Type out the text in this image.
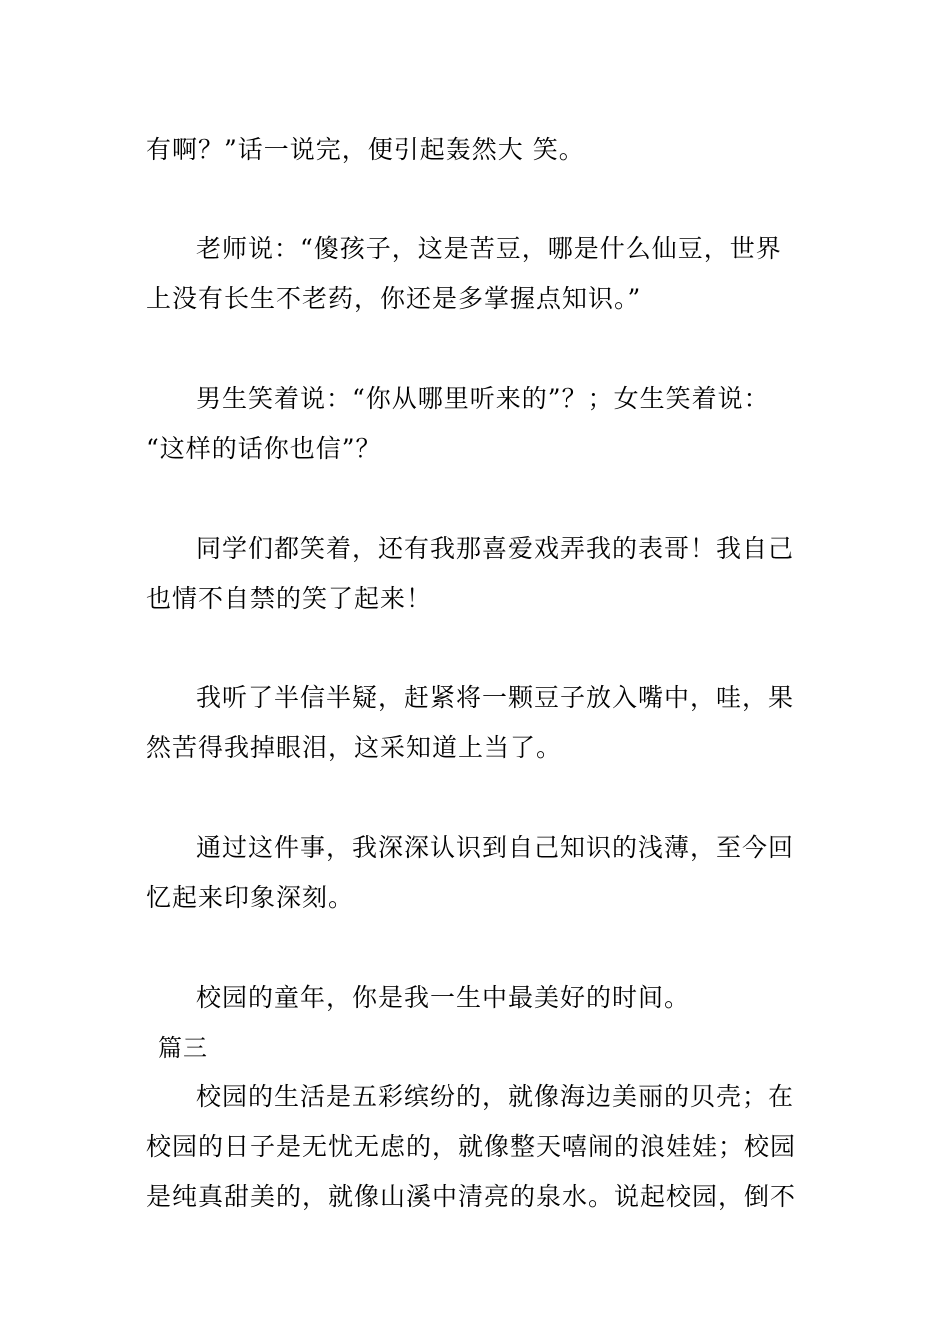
有啊？”话一说完，便引起轰然大 笑。
老师说：“傻孩子，这是苦豆，哪是什么仙豆，世界
上没有长生不老药，你还是多掌握点知识。”
男生笑着说：“你从哪里听来的”？；女生笑着说：
“这样的话你也信”？
同学们都笑着，还有我那喜爱戏弄我的表哥！我自己
也情不自禁的笑了起来！
我听了半信半疑，赶紧将一颗豆子放入嘴中，哇，果
然苦得我掉眼泪，这采知道上当了。
通过这件事，我深深认识到自己知识的浅薄，至今回
忆起来印象深刻。
校园的童年，你是我一生中最美好的时间。
篇三
校园的生活是五彩缤纷的，就像海边美丽的贝壳；在
校园的日子是无忧无虑的，就像整天嘻闹的浪娃娃；校园
是纯真甜美的，就像山溪中清亮的泉水。说起校园，倒不
